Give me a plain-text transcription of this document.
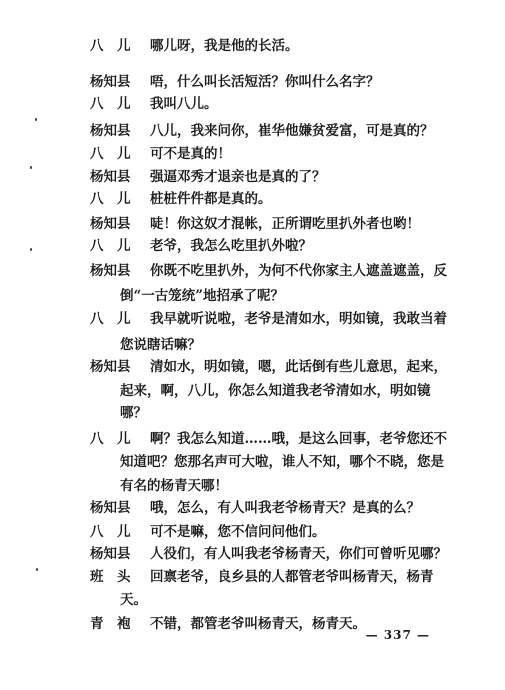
八　儿 哪儿呀，我是他的长活。
杨知县 唔，什么叫长活短活？你叫什么名字？
八　儿 我叫八儿。
杨知县 八儿，我来问你，崔华他嫌贫爱富，可是真的？
八　儿 可不是真的！
杨知县 强逼邓秀才退亲也是真的了？
八　儿 桩桩件件都是真的。
杨知县 唗！你这奴才混帐，正所谓吃里扒外者也哟！
八　儿 老爷，我怎么吃里扒外啦？
杨知县 你既不吃里扒外，为何不代你家主人遮盖遮盖，反
倒“一古笼统”地招承了呢？
八　儿 我早就听说啦，老爷是清如水，明如镜，我敢当着
您说瞎话嘛？
杨知县 清如水，明如镜，嗯，此话倒有些儿意思，起来，
起来，啊，八儿，你怎么知道我老爷清如水，明如镜
哪？
八　儿 啊？我怎么知道……哦，是这么回事，老爷您还不
知道吧？您那名声可大啦，谁人不知，哪个不晓，您是
有名的杨青天哪！
杨知县 哦，怎么，有人叫我老爷杨青天？是真的么？
八　儿 可不是嘛，您不信问问他们。
杨知县 人役们，有人叫我老爷杨青天，你们可曾听见哪？
班　头 回禀老爷，良乡县的人都管老爷叫杨青天，杨青
天。
青　袍 不错，都管老爷叫杨青天，杨青天。
— 337 —
